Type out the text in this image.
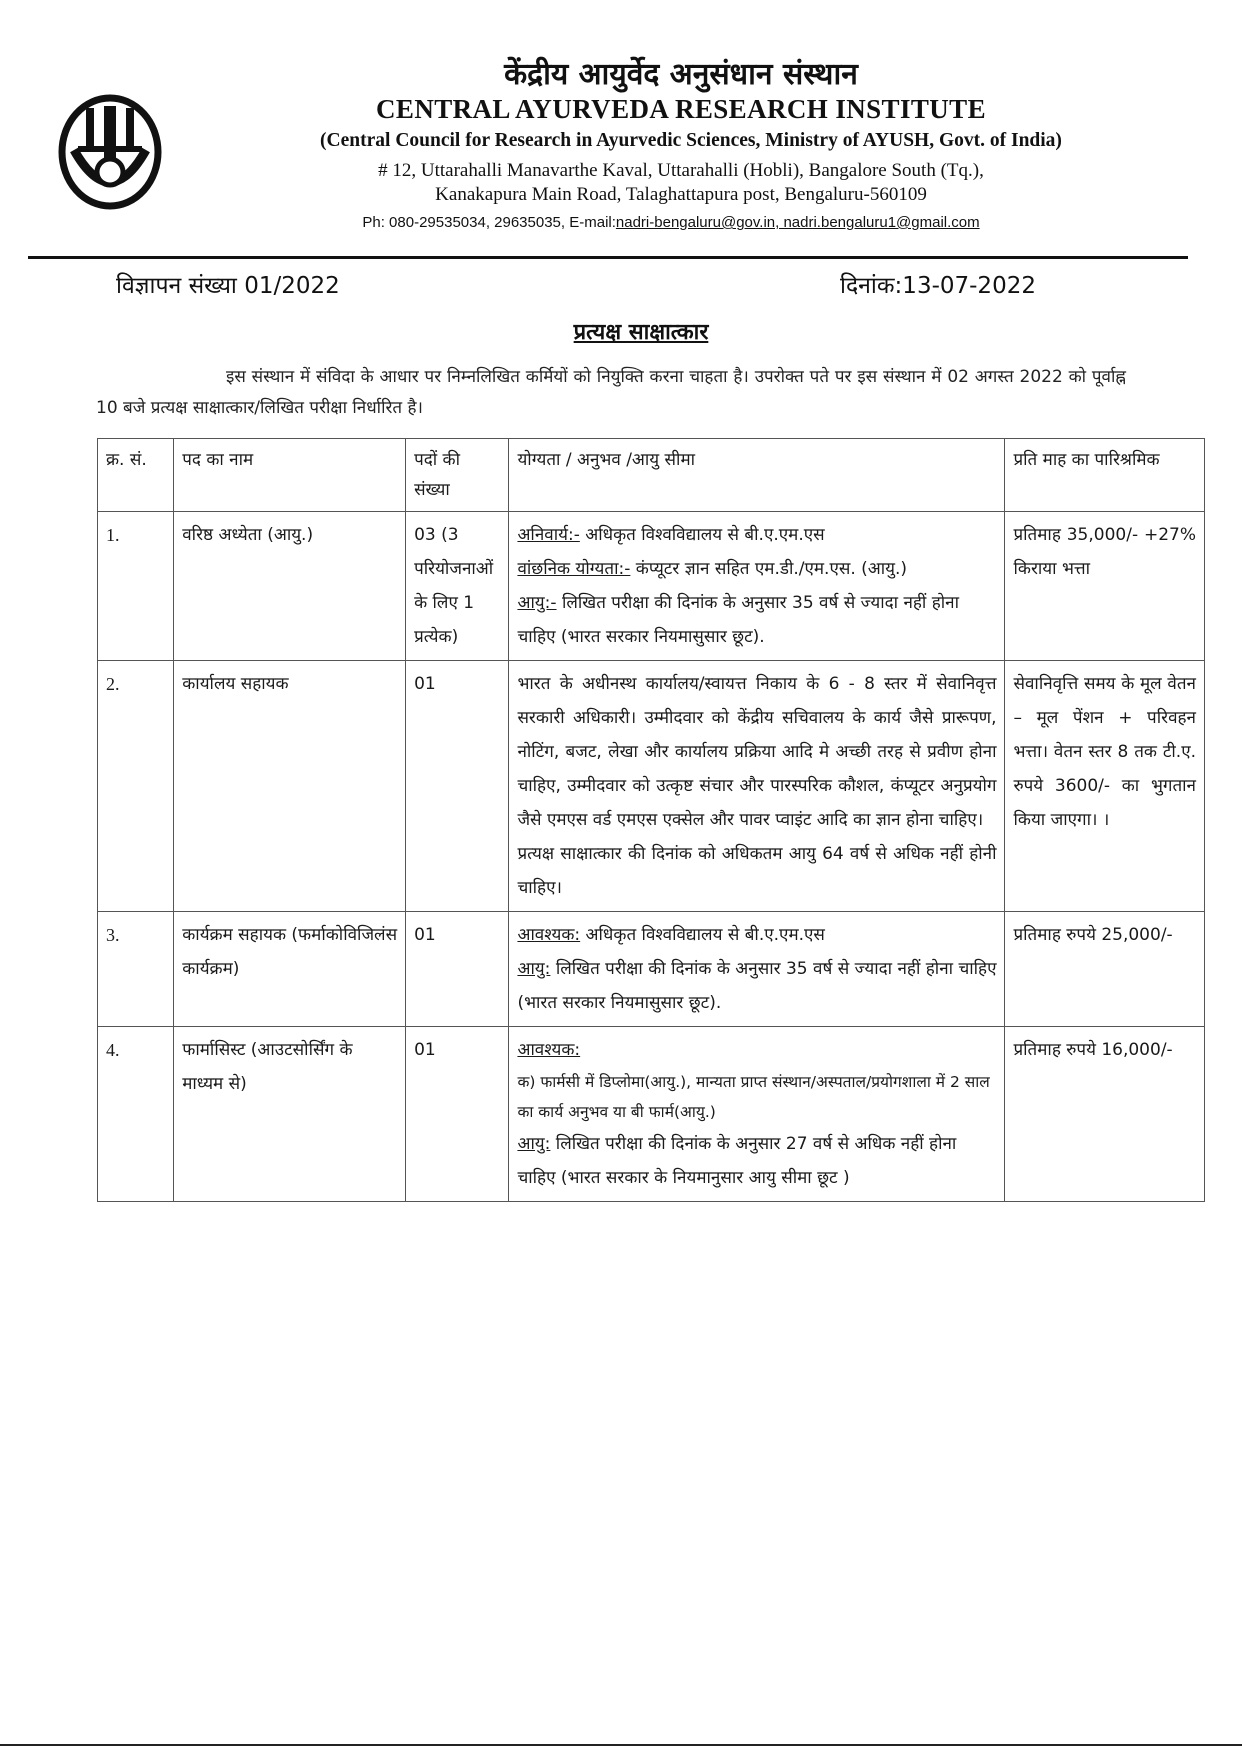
केंद्रीय आयुर्वेद अनुसंधान संस्थान
CENTRAL AYURVEDA RESEARCH INSTITUTE
(Central Council for Research in Ayurvedic Sciences, Ministry of AYUSH, Govt. of India)
# 12, Uttarahalli Manavarthe Kaval, Uttarahalli (Hobli), Bangalore South (Tq.),
Kanakapura Main Road, Talaghattapura post, Bengaluru-560109
Ph: 080-29535034, 29635035, E-mail:nadri-bengaluru@gov.in, nadri.bengaluru1@gmail.com
विज्ञापन संख्या 01/2022	दिनांक:13-07-2022
प्रत्यक्ष साक्षात्कार
इस संस्थान में संविदा के आधार पर निम्नलिखित कर्मियों को नियुक्ति करना चाहता है। उपरोक्त पते पर इस संस्थान में 02 अगस्त 2022 को पूर्वाह्न 10 बजे प्रत्यक्ष साक्षात्कार/लिखित परीक्षा निर्धारित है।
क्र. सं.	पद का नाम	पदों की संख्या	योग्यता / अनुभव /आयु सीमा	प्रति माह का पारिश्रमिक
1.	वरिष्ठ अध्येता (आयु.)	03 (3 परियोजनाओं के लिए 1 प्रत्येक)	अनिवार्य:- अधिकृत विश्वविद्यालय से बी.ए.एम.एस
वांछनिक योग्यता:- कंप्यूटर ज्ञान सहित एम.डी./एम.एस. (आयु.)
आयु:- लिखित परीक्षा की दिनांक के अनुसार 35 वर्ष से ज्यादा नहीं होना चाहिए (भारत सरकार नियमासुसार छूट).	प्रतिमाह 35,000/- +27% किराया भत्ता
2.	कार्यालय सहायक	01	भारत के अधीनस्थ कार्यालय/स्वायत्त निकाय के 6 - 8 स्तर में सेवानिवृत्त सरकारी अधिकारी। उम्मीदवार को केंद्रीय सचिवालय के कार्य जैसे प्रारूपण, नोटिंग, बजट, लेखा और कार्यालय प्रक्रिया आदि मे अच्छी तरह से प्रवीण होना चाहिए, उम्मीदवार को उत्कृष्ट संचार और पारस्परिक कौशल, कंप्यूटर अनुप्रयोग जैसे एमएस वर्ड एमएस एक्सेल और पावर प्वाइंट आदि का ज्ञान होना चाहिए।
प्रत्यक्ष साक्षात्कार की दिनांक को अधिकतम आयु 64 वर्ष से अधिक नहीं होनी चाहिए।	सेवानिवृत्ति समय के मूल वेतन – मूल पेंशन + परिवहन भत्ता। वेतन स्तर 8 तक टी.ए. रुपये 3600/- का भुगतान किया जाएगा। ।
3.	कार्यक्रम सहायक (फर्माकोविजिलंस कार्यक्रम)	01	आवश्यक: अधिकृत विश्वविद्यालय से बी.ए.एम.एस
आयु: लिखित परीक्षा की दिनांक के अनुसार 35 वर्ष से ज्यादा नहीं होना चाहिए (भारत सरकार नियमासुसार छूट).	प्रतिमाह रुपये 25,000/-
4.	फार्मासिस्ट (आउटसोर्सिंग के माध्यम से)	01	आवश्यक:
क) फार्मसी में डिप्लोमा(आयु.), मान्यता प्राप्त संस्थान/अस्पताल/प्रयोगशाला में 2 साल का कार्य अनुभव या बी फार्म(आयु.)
आयु: लिखित परीक्षा की दिनांक के अनुसार 27 वर्ष से अधिक नहीं होना चाहिए (भारत सरकार के नियमानुसार आयु सीमा छूट )	प्रतिमाह रुपये 16,000/-
